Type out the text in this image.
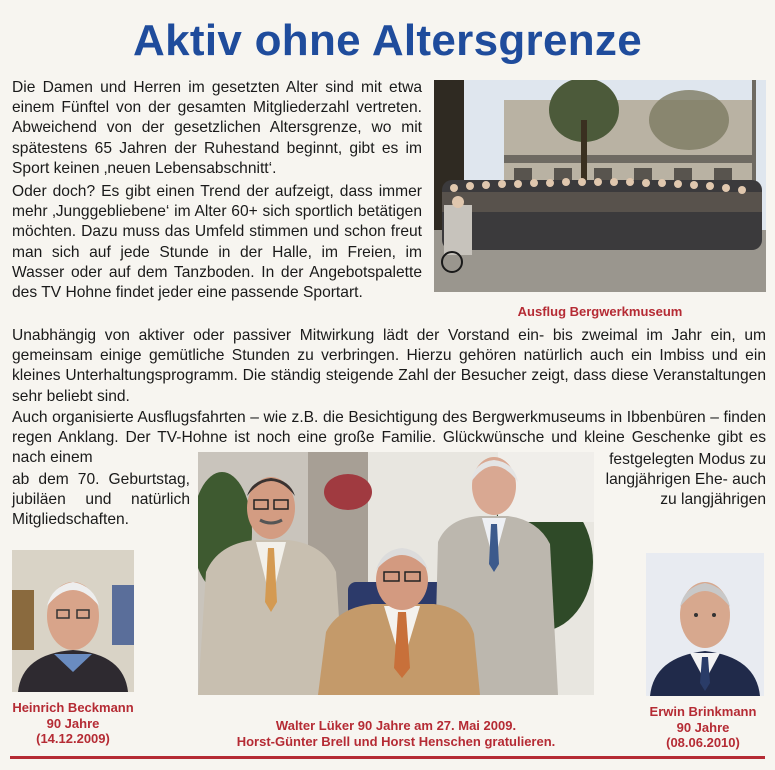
Aktiv ohne Altersgrenze

Die Damen und Herren im gesetzten Alter sind mit etwa einem Fünftel von der gesamten Mitgliederzahl vertreten. Abweichend von der gesetzlichen Altersgrenze, wo mit spätestens 65 Jahren der Ruhestand beginnt, gibt es im Sport keinen ‚neuen Lebensabschnitt‘.

Oder doch? Es gibt einen Trend der aufzeigt, dass immer mehr ‚Junggebliebene‘ im Alter 60+ sich sportlich betätigen möchten. Dazu muss das Umfeld stimmen und schon freut man sich auf jede Stunde in der Halle, im Freien, im Wasser oder auf dem Tanzboden. In der Angebotspalette des TV Hohne findet jeder eine passende Sportart.

Unabhängig von aktiver oder passiver Mitwirkung lädt der Vorstand ein- bis zweimal im Jahr ein, um gemeinsam einige gemütliche Stunden zu verbringen. Hierzu gehören natürlich auch ein Imbiss und ein kleines Unterhaltungsprogramm. Die ständig steigende Zahl der Besucher zeigt, dass diese Veranstaltungen sehr beliebt sind.

Auch organisierte Ausflugsfahrten – wie z.B. die Besichtigung des Bergwerkmuseums in Ibbenbüren – finden regen Anklang. Der TV-Hohne ist noch eine große Familie. Glückwünsche und kleine Geschenke gibt es nach einem

ab dem 70. Geburtstag, jubiläen und natürlich Mitgliedschaften.

festgelegten Modus zu langjährigen Ehe- auch zu langjährigen

Ausflug Bergwerkmuseum
Heinrich Beckmann
90 Jahre
(14.12.2009)
Walter Lüker 90 Jahre am 27. Mai 2009.
Horst-Günter Brell und Horst Henschen gratulieren.
Erwin Brinkmann
90 Jahre
(08.06.2010)
